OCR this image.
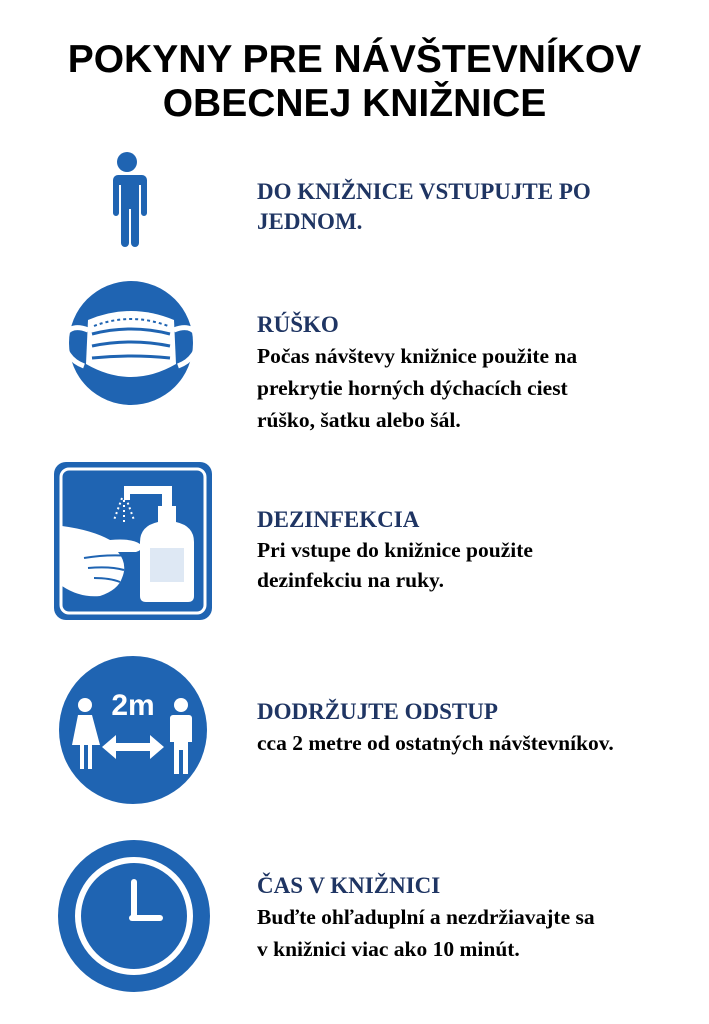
POKYNY PRE NÁVŠTEVNÍKOV
OBECNEJ KNIŽNICE
DO KNIŽNICE VSTUPUJTE PO
JEDNOM.
RÚŠKO
Počas návštevy knižnice použite na
prekrytie horných dýchacích ciest
rúško, šatku alebo šál.
DEZINFEKCIA
Pri vstupe do knižnice použite
dezinfekciu na ruky.
2m	DODRŽUJTE ODSTUP
cca 2 metre od ostatných návštevníkov.
ČAS V KNIŽNICI
Buďte ohľaduplní a nezdržiavajte sa
v knižnici viac ako 10 minút.
